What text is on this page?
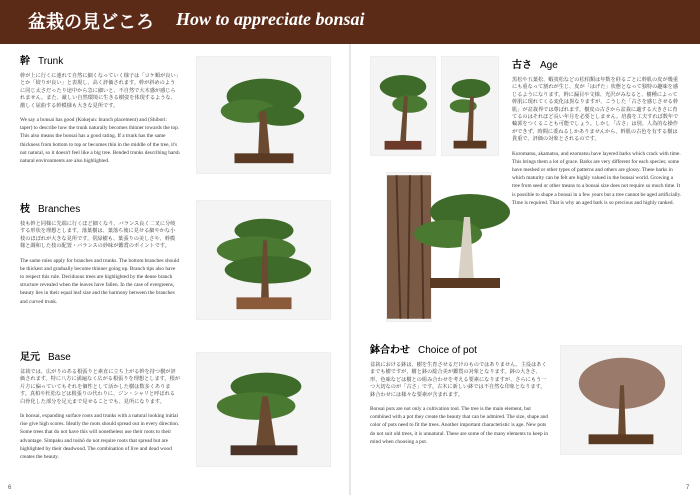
盆栽の見どころ How to appreciate bonsai
幹 Trunk
幹が上に行くに連れて自然に細くなっていく様子は「コケ順が良い」とか「絞りが良い」と表現し、高く評価されます。幹が斜めのように同じ太さだったり途中から急に細いと、不自然で大木感が感じられません。また、厳しい自然環境に生きる樹姿を体現するような、激しく屈曲する幹模様も大きな見所です。
We say a bonsai has good (Kokejun: branch placement) and (Shibori: taper) to describe how the trunk naturally becomes thinner towards the top. This also means the bonsai has a good rating. If a trunk has the same thickness from bottom to top or becomes thin in the middle of the tree, it's not natural, so it doesn't feel like a big tree. Bended trunks describing harsh natural environments are also highlighted.
枝 Branches
枝も幹と同様に先端に行くほど細くなり、バランス良く二叉に分岐する形状を理想とします。落葉樹は、葉落ち後に見せる細やかな小枝のほぼれが大きな見所です。常緑樹も、葉張りの美しさや、幹模様と調和した枝の配置・バランスの妙味が鑑賞のポイントです。
The same rules apply for branches and trunks. The bottom branches should be thickest and gradually become thinner going up. Branch tips also have to respect this rule. Deciduous trees are highlighted by the dense branch structure revealed when the leaves have fallen. In the case of evergreens, beauty lies in their equal leaf size and the harmony between the branches and curved trunk.
足元 Base
盆栽では、広がりのある根張りと素直に立ち上がる幹を持つ樹が評価されます。特に八方に満遍なく広がる根張りを理想とします。根が片方に偏っていてもそれを個性として活かした樹は数多くあります。真柏や杜松などは根張りの代わりに、ジン・シャリと呼ばれる白骨化した部分を足元まで見せることでも、見所になります。
In bonsai, expanding surface roots and trunks with a natural looking initial rise give high scores. Ideally the roots should spread out in every direction. Some trees that do not have this will nonetheless use their roots to their advantage. Simpaku and toshō do not require roots that spread but are highlighted by their deadwood. The combination of live and dead wood creates the beauty.
古さ Age
黒松や五葉松、蝦夷松などの松柏類は年数を経るごとに幹肌の皮が幾重にも重なって割れが生じ、皮が「はげた」状態となって独特の趣味を感じるようになります。幹に漏目や文様、光沢がみなると、樹種によって幹肌に現れてくる変化は異なりますが、こうした「古さを感じさせる幹肌」が盆栽界では尊ばれます。樹皮の古さから盆栽に適する大きさに育てるのはそれほど長い年月を必要としません。培養を工夫すれば数年で輪郭をつくることも可能でしょう。しかし「古さ」は別。人為的な操作ができず、時間に委ねるしかありませんから、幹肌の古色を有する樹は貴重で、評価の対象とされるのです。
Kuromatsu, akamatsu, and ezomatsu have layered barks which crack with time. This brings them a lot of grace. Barks are very different for each species; some have meshed or other types of patterns and others are glossy. These barks in which maturity can be felt are highly valued in the bonsai world. Growing a tree from seed or other means to a bonsai size does not require so much time. It is possible to shape a bonsai in a few years but a tree cannot be aged artificially. Time is required. That is why an aged bark is so precious and highly ranked.
鉢合わせ Choice of pot
盆栽における鉢は、樹を生育させるだけのものではありません。主役はあくまでも樹ですが、樹と鉢の総合美が鑑賞の対象となります。鉢の大きさ、形、色味などは樹との組み合わせを考える要素になりますが、さらにもう一つ大切なのが「古さ」です。古木に新しい鉢では不自然な印象となります。鉢合わせには様々な要素が含まれます。
Bonsai pots are not only a cultivation tool. The tree is the main element, but combined with a pot they create the beauty that can be admired. The size, shape and color of pots need to fit the trees. Another important characteristic is age. New pots do not suit old trees, it is unnatural. These are some of the many elements to keep in mind when choosing a pot.
6	7
